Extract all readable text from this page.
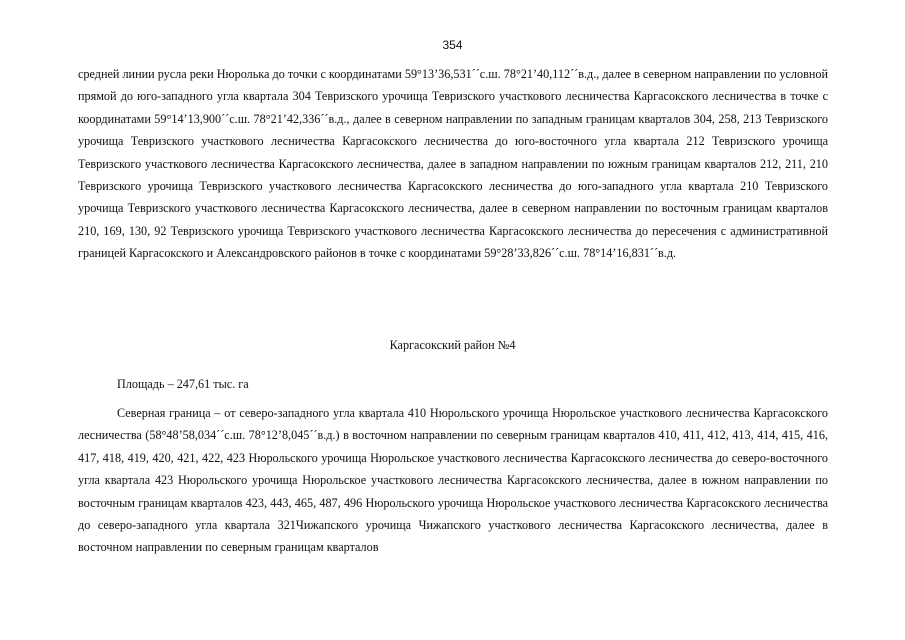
354

средней линии русла реки Нюролька до точки с координатами 59°13’36,531´´с.ш. 78°21’40,112´´в.д., далее в северном направлении по условной прямой до юго-западного угла квартала 304 Тевризского урочища Тевризского участкового лесничества Каргасокского лесничества в точке с координатами 59°14’13,900´´с.ш. 78°21’42,336´´в.д., далее в северном направлении по западным границам кварталов 304, 258, 213 Тевризского урочища Тевризского участкового лесничества Каргасокского лесничества до юго-восточного угла квартала 212 Тевризского урочища Тевризского участкового лесничества Каргасокского лесничества, далее в западном направлении по южным границам кварталов 212, 211, 210 Тевризского урочища Тевризского участкового лесничества Каргасокского лесничества до юго-западного угла квартала 210 Тевризского урочища Тевризского участкового лесничества Каргасокского лесничества, далее в северном направлении по восточным границам кварталов 210, 169, 130, 92 Тевризского урочища Тевризского участкового лесничества Каргасокского лесничества до пересечения с административной границей Каргасокского и Александровского районов в точке с координатами 59°28’33,826´´с.ш. 78°14’16,831´´в.д.

Каргасокский район №4

Площадь – 247,61 тыс. га

Северная граница – от северо-западного угла квартала 410 Нюрольского урочища Нюрольское участкового лесничества Каргасокского лесничества (58°48’58,034´´с.ш. 78°12’8,045´´в.д.) в восточном направлении по северным границам кварталов 410, 411, 412, 413, 414, 415, 416, 417, 418, 419, 420, 421, 422, 423 Нюрольского урочища Нюрольское участкового лесничества Каргасокского лесничества до северо-восточного угла квартала 423 Нюрольского урочища Нюрольское участкового лесничества Каргасокского лесничества, далее в южном направлении по восточным границам кварталов 423, 443, 465, 487, 496 Нюрольского урочища Нюрольское участкового лесничества Каргасокского лесничества до северо-западного угла квартала 321Чижапского урочища Чижапского участкового лесничества Каргасокского лесничества, далее в восточном направлении по северным границам кварталов
